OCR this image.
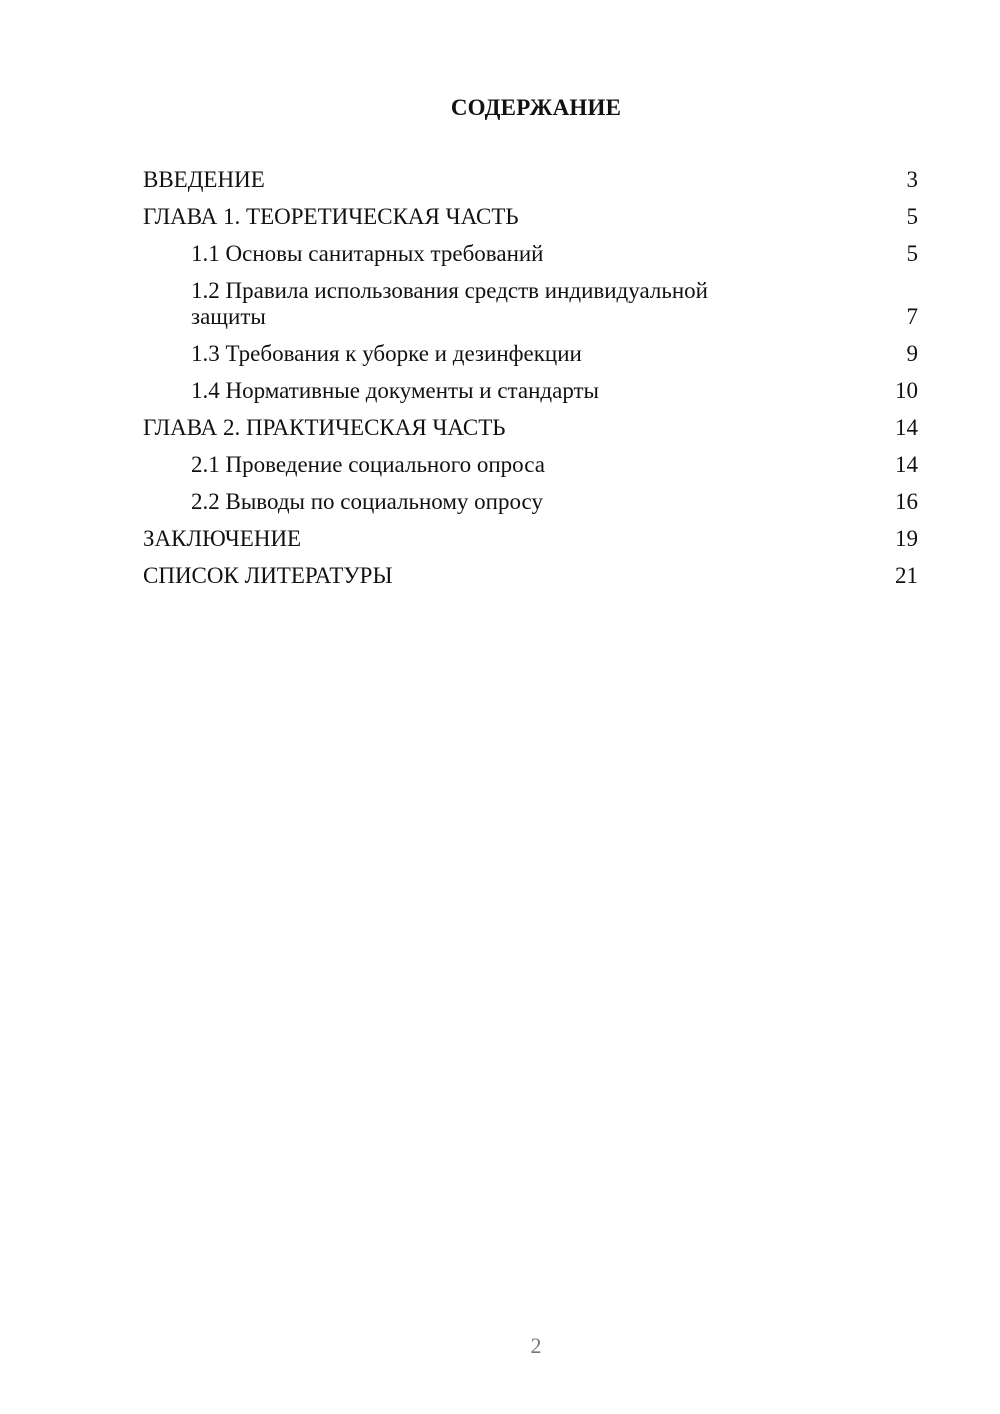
СОДЕРЖАНИЕ
ВВЕДЕНИЕ	3
ГЛАВА 1. ТЕОРЕТИЧЕСКАЯ ЧАСТЬ	5
1.1 Основы санитарных требований	5
1.2 Правила использования средств индивидуальной защиты	7
1.3 Требования к уборке и дезинфекции	9
1.4 Нормативные документы и стандарты	10
ГЛАВА 2. ПРАКТИЧЕСКАЯ ЧАСТЬ	14
2.1 Проведение социального опроса	14
2.2 Выводы по социальному опросу	16
ЗАКЛЮЧЕНИЕ	19
СПИСОК ЛИТЕРАТУРЫ	21
2
